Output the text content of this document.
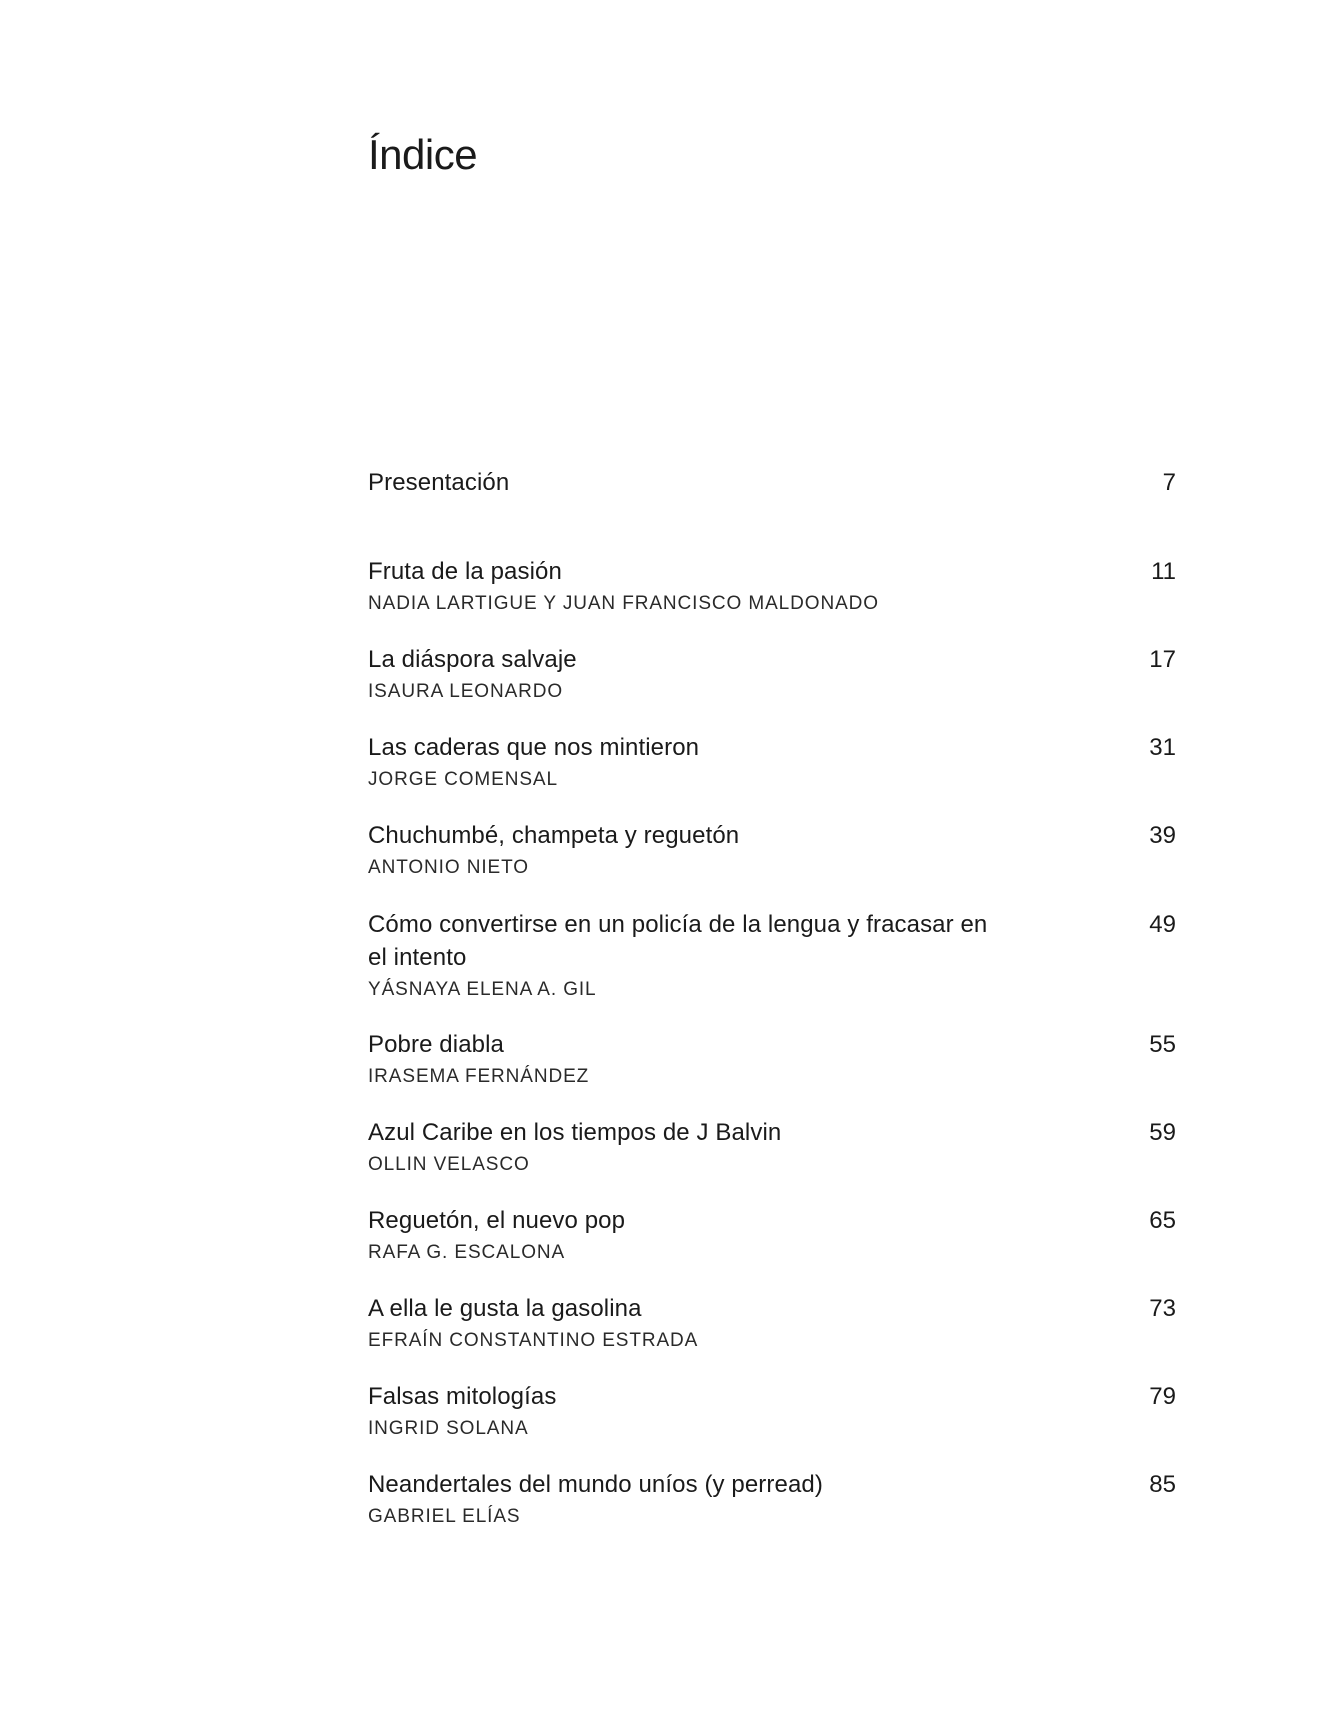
Índice
Presentación	7
Fruta de la pasión
NADIA LARTIGUE Y JUAN FRANCISCO MALDONADO
11
La diáspora salvaje
ISAURA LEONARDO
17
Las caderas que nos mintieron
JORGE COMENSAL
31
Chuchumbé, champeta y reguetón
ANTONIO NIETO
39
Cómo convertirse en un policía de la lengua y fracasar en el intento
YÁSNAYA ELENA A. GIL
49
Pobre diabla
IRASEMA FERNÁNDEZ
55
Azul Caribe en los tiempos de J Balvin
OLLIN VELASCO
59
Reguetón, el nuevo pop
RAFA G. ESCALONA
65
A ella le gusta la gasolina
EFRAÍN CONSTANTINO ESTRADA
73
Falsas mitologías
INGRID SOLANA
79
Neandertales del mundo uníos (y perread)
GABRIEL ELÍAS
85
